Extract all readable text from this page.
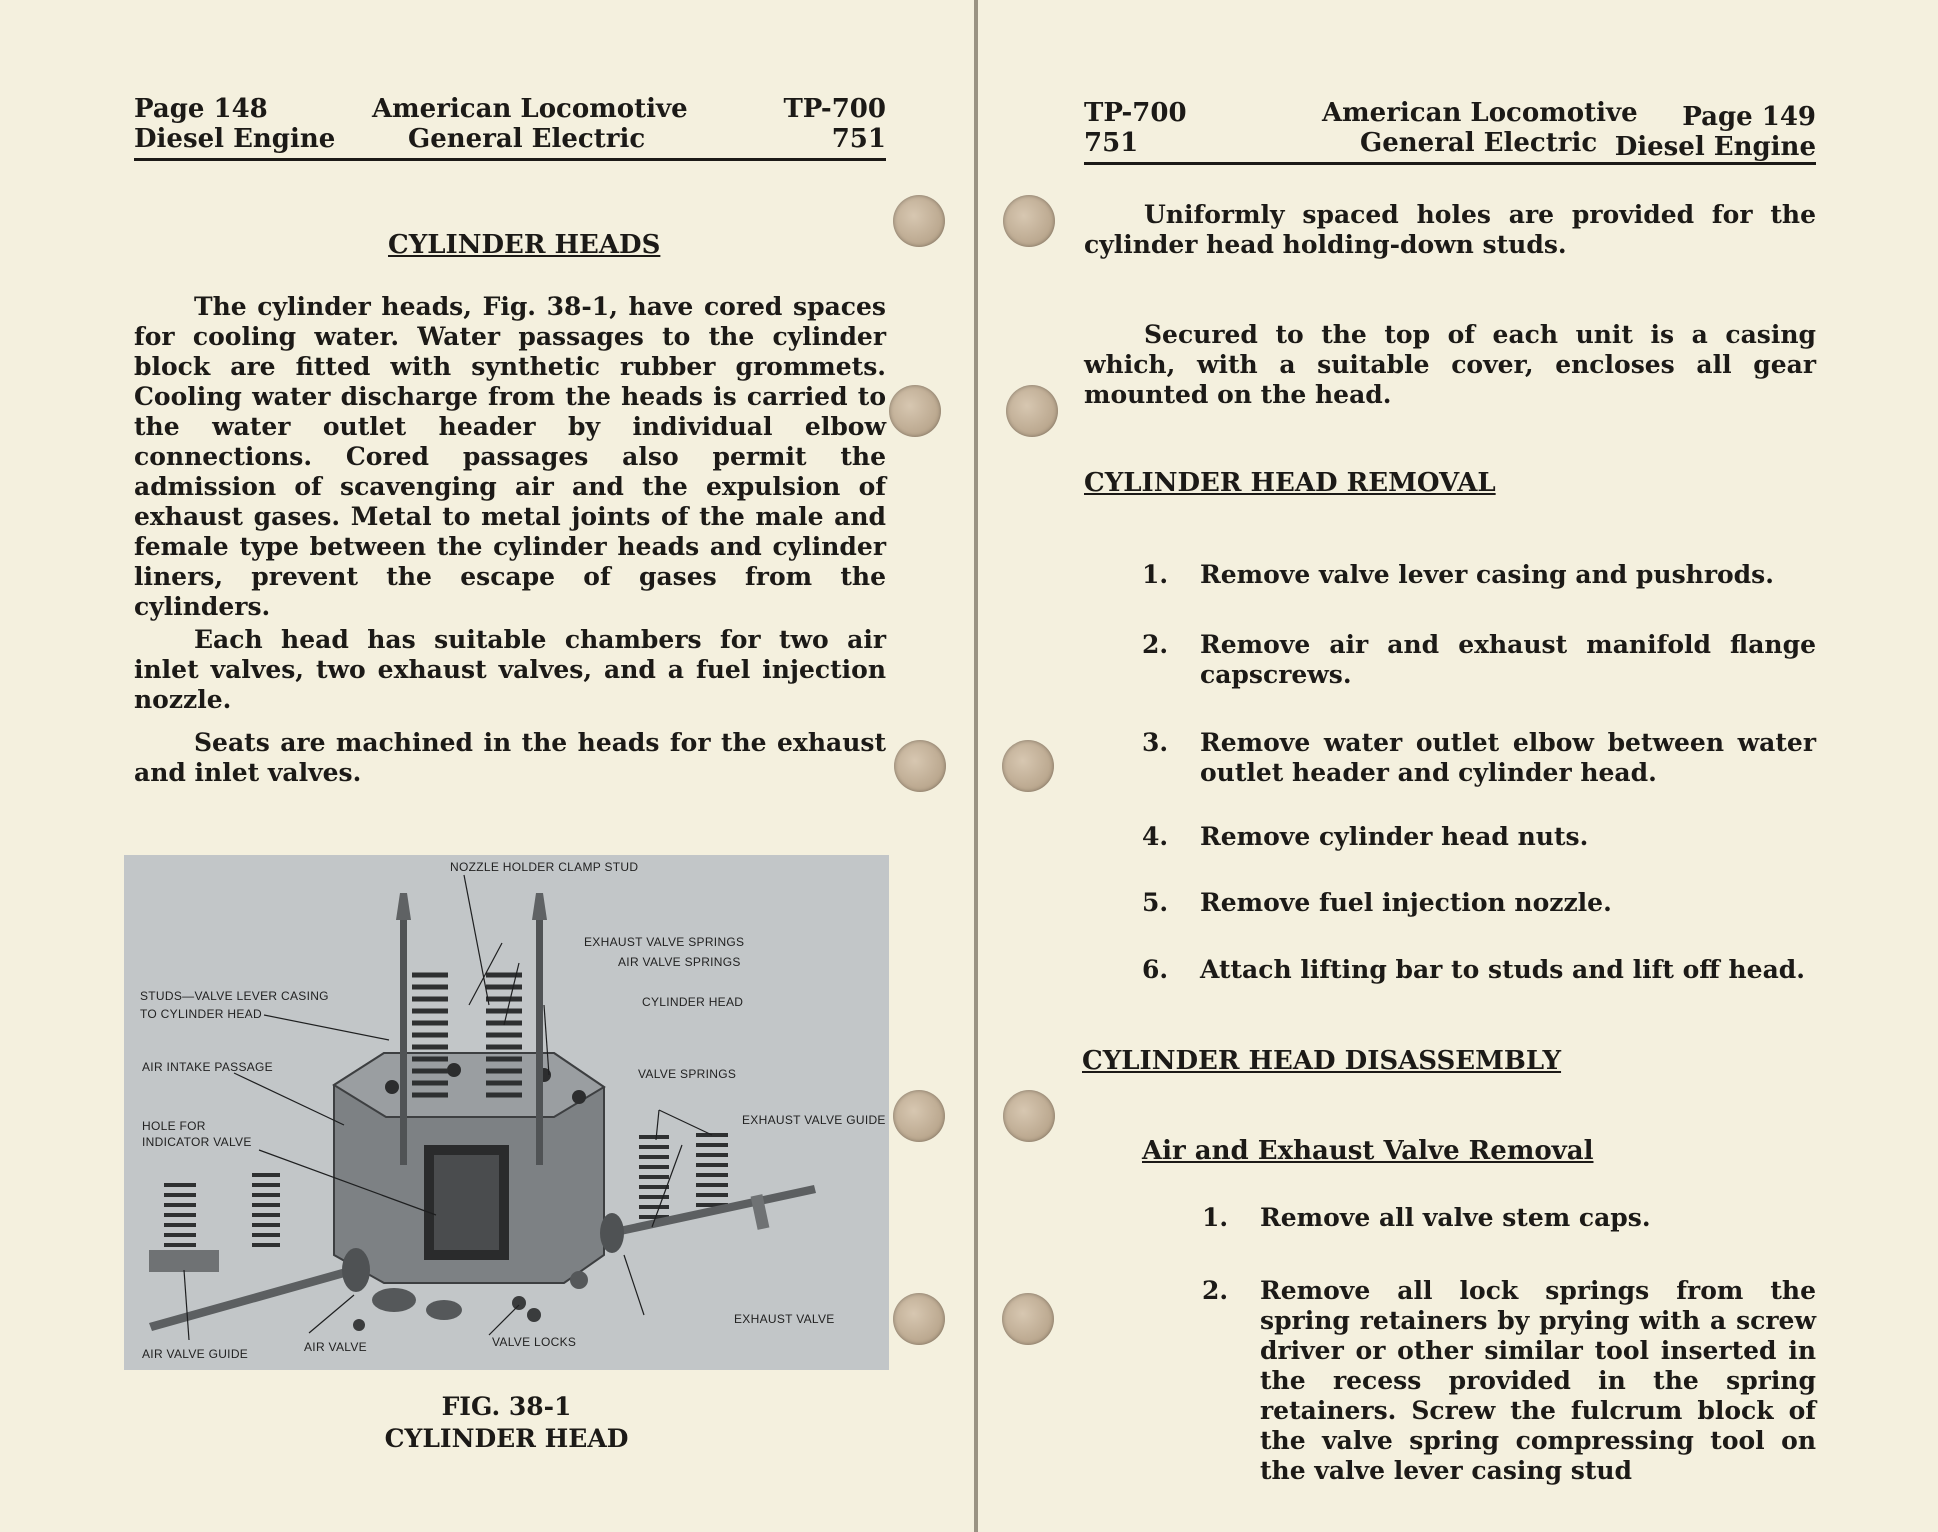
Page 148
Diesel Engine
American Locomotive
General Electric
TP-700
751
CYLINDER HEADS

The cylinder heads, Fig. 38-1, have cored spaces for cooling water. Water passages to the cylinder block are fitted with synthetic rubber grommets. Cooling water discharge from the heads is carried to the water outlet header by individual elbow connections. Cored passages also permit the admission of scavenging air and the expulsion of exhaust gases. Metal to metal joints of the male and female type between the cylinder heads and cylinder liners, prevent the escape of gases from the cylinders.

Each head has suitable chambers for two air inlet valves, two exhaust valves, and a fuel injection nozzle.

Seats are machined in the heads for the exhaust and inlet valves.

NOZZLE HOLDER CLAMP STUD
EXHAUST VALVE SPRINGS
AIR VALVE SPRINGS
STUDS—VALVE LEVER CASING
TO CYLINDER HEAD
CYLINDER HEAD
AIR INTAKE PASSAGE	VALVE SPRINGS
HOLE FOR
INDICATOR VALVE
EXHAUST VALVE GUIDE
EXHAUST VALVE
VALVE LOCKS
AIR VALVE
AIR VALVE GUIDE
FIG. 38-1
CYLINDER HEAD
TP-700
751
American Locomotive
General Electric
Page 149
Diesel Engine

Uniformly spaced holes are provided for the cylinder head holding-down studs.

Secured to the top of each unit is a casing which, with a suitable cover, encloses all gear mounted on the head.

CYLINDER HEAD REMOVAL
1. Remove valve lever casing and pushrods.
2. Remove air and exhaust manifold flange capscrews.
3. Remove water outlet elbow between water outlet header and cylinder head.
4. Remove cylinder head nuts.
5. Remove fuel injection nozzle.
6. Attach lifting bar to studs and lift off head.
CYLINDER HEAD DISASSEMBLY
Air and Exhaust Valve Removal
1. Remove all valve stem caps.
2. Remove all lock springs from the spring retainers by prying with a screw driver or other similar tool inserted in the recess provided in the spring retainers. Screw the fulcrum block of the valve spring compressing tool on the valve lever casing stud
